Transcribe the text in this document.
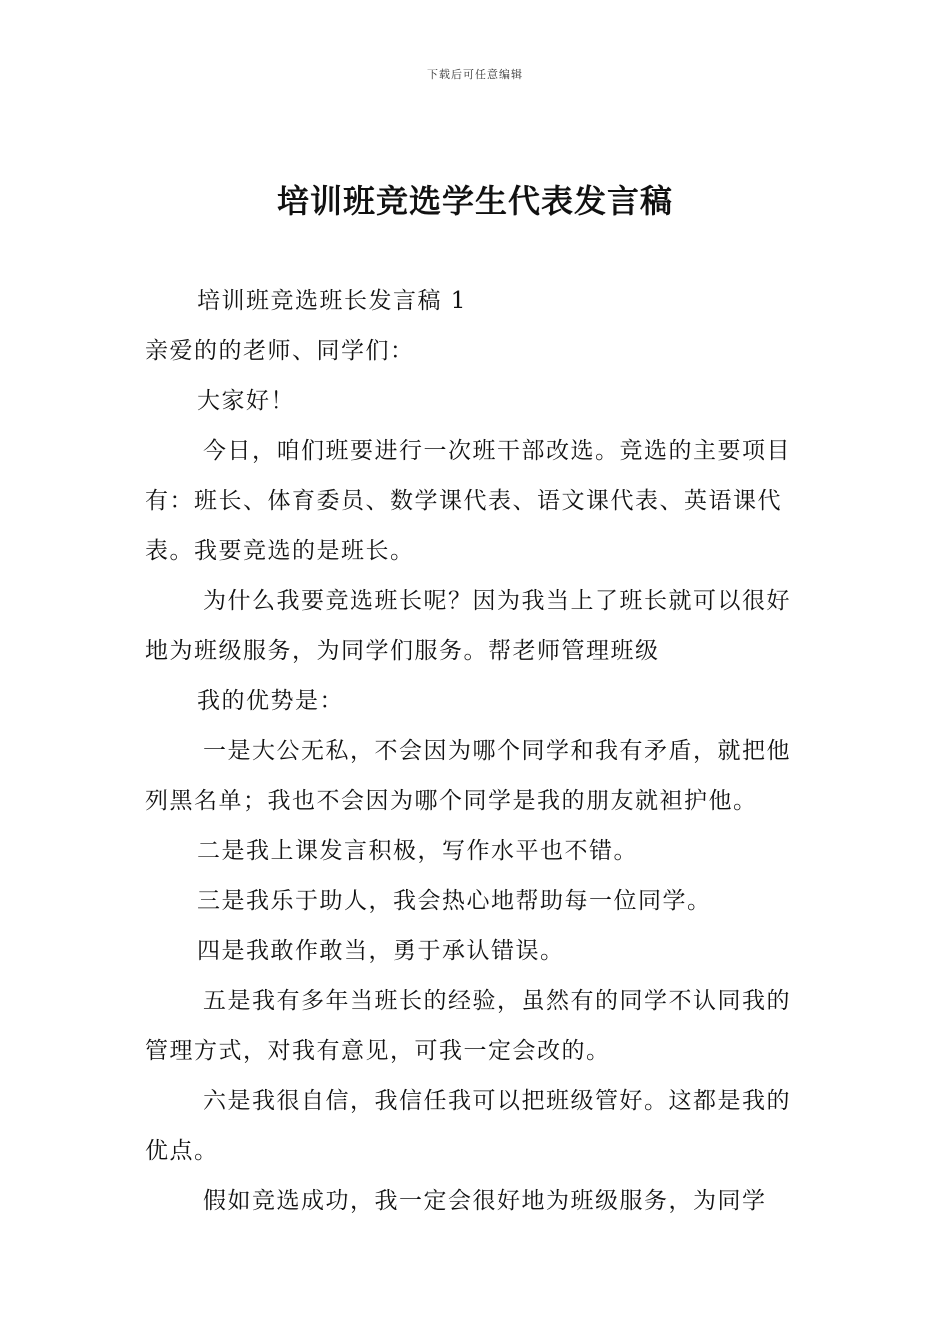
下载后可任意编辑
培训班竞选学生代表发言稿

培训班竞选班长发言稿 1

亲爱的的老师、同学们：

大家好！

今日，咱们班要进行一次班干部改选。竞选的主要项目有：班长、体育委员、数学课代表、语文课代表、英语课代表。我要竞选的是班长。

为什么我要竞选班长呢？因为我当上了班长就可以很好地为班级服务，为同学们服务。帮老师管理班级

我的优势是：

一是大公无私，不会因为哪个同学和我有矛盾，就把他列黑名单；我也不会因为哪个同学是我的朋友就袒护他。

二是我上课发言积极，写作水平也不错。

三是我乐于助人，我会热心地帮助每一位同学。

四是我敢作敢当，勇于承认错误。

五是我有多年当班长的经验，虽然有的同学不认同我的管理方式，对我有意见，可我一定会改的。

六是我很自信，我信任我可以把班级管好。这都是我的优点。

假如竞选成功，我一定会很好地为班级服务，为同学
